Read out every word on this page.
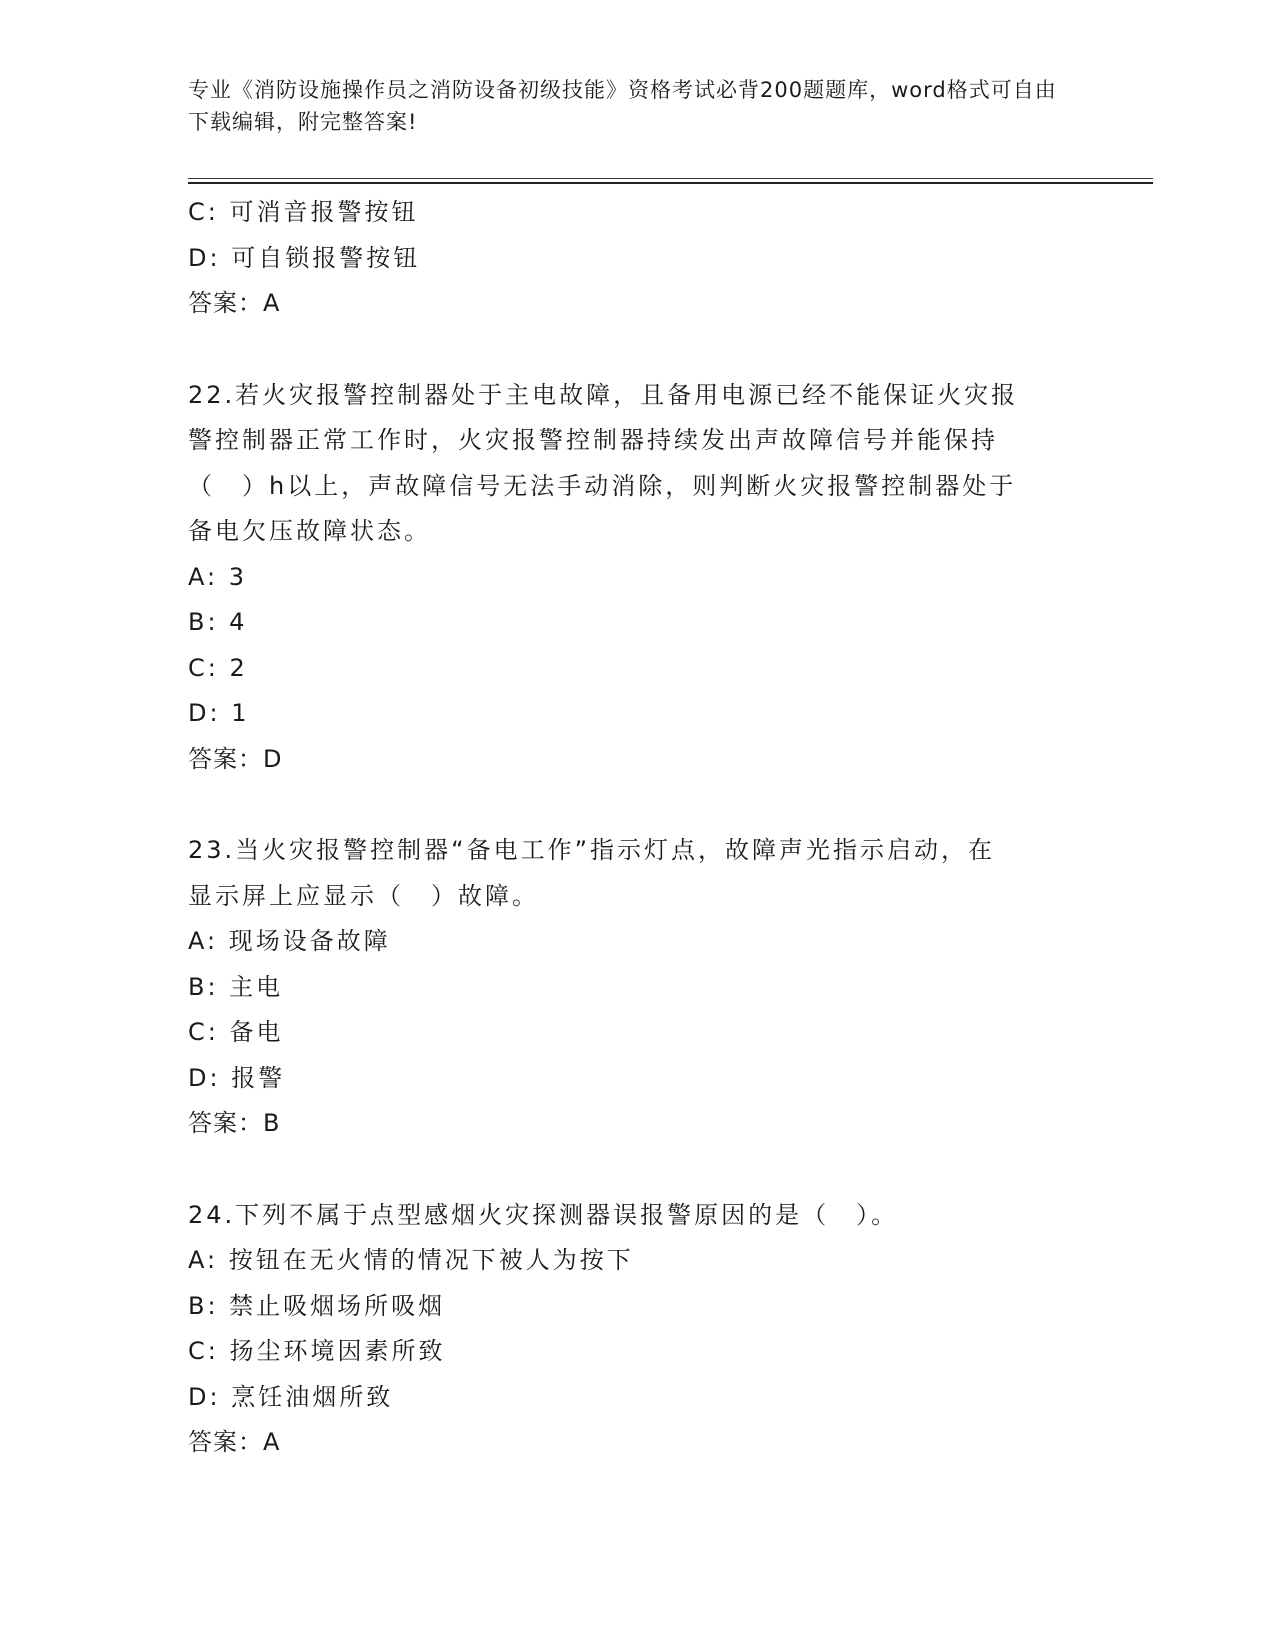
专业《消防设施操作员之消防设备初级技能》资格考试必背200题题库，word格式可自由下载编辑，附完整答案!
C: 可消音报警按钮
D: 可自锁报警按钮
答案：A
22.若火灾报警控制器处于主电故障，且备用电源已经不能保证火灾报
警控制器正常工作时，火灾报警控制器持续发出声故障信号并能保持
（　）h以上，声故障信号无法手动消除，则判断火灾报警控制器处于
备电欠压故障状态。
A: 3
B: 4
C: 2
D: 1
答案：D
23.当火灾报警控制器“备电工作”指示灯点，故障声光指示启动，在
显示屏上应显示（　）故障。
A: 现场设备故障
B: 主电
C: 备电
D: 报警
答案：B
24.下列不属于点型感烟火灾探测器误报警原因的是（　）。
A: 按钮在无火情的情况下被人为按下
B: 禁止吸烟场所吸烟
C: 扬尘环境因素所致
D: 烹饪油烟所致
答案：A
